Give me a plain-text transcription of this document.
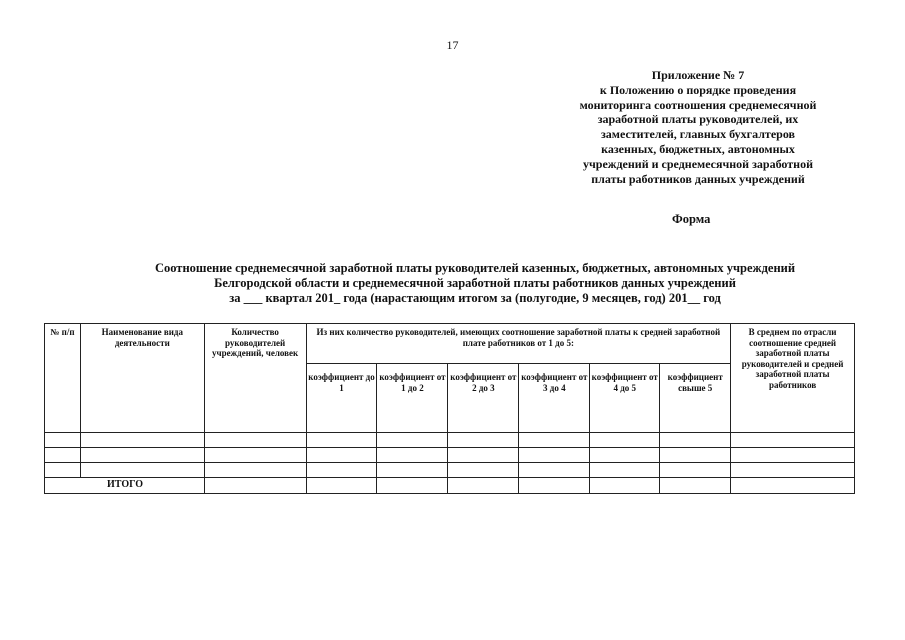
17
Приложение № 7
к Положению о порядке проведения
мониторинга соотношения среднемесячной
заработной платы руководителей, их
заместителей, главных бухгалтеров
казенных, бюджетных, автономных
учреждений и среднемесячной заработной
платы работников данных учреждений
Форма
Соотношение среднемесячной заработной платы руководителей казенных, бюджетных, автономных учреждений
Белгородской области и среднемесячной заработной платы работников данных учреждений
за ___ квартал 201_ года (нарастающим итогом за (полугодие, 9 месяцев, год) 201__ год
№ п/п	Наименование вида деятельности	Количество руководителей учреждений, человек	Из них количество руководителей, имеющих соотношение заработной платы к средней заработной плате работников от 1 до 5:						В среднем по отрасли соотношение средней заработной платы руководителей и средней заработной платы работников

			коэффициент до 1	коэффициент от 1 до 2	коэффициент от 2 до 3	коэффициент от 3 до 4	коэффициент от 4 до 5	коэффициент свыше 5	

ИТОГО									
